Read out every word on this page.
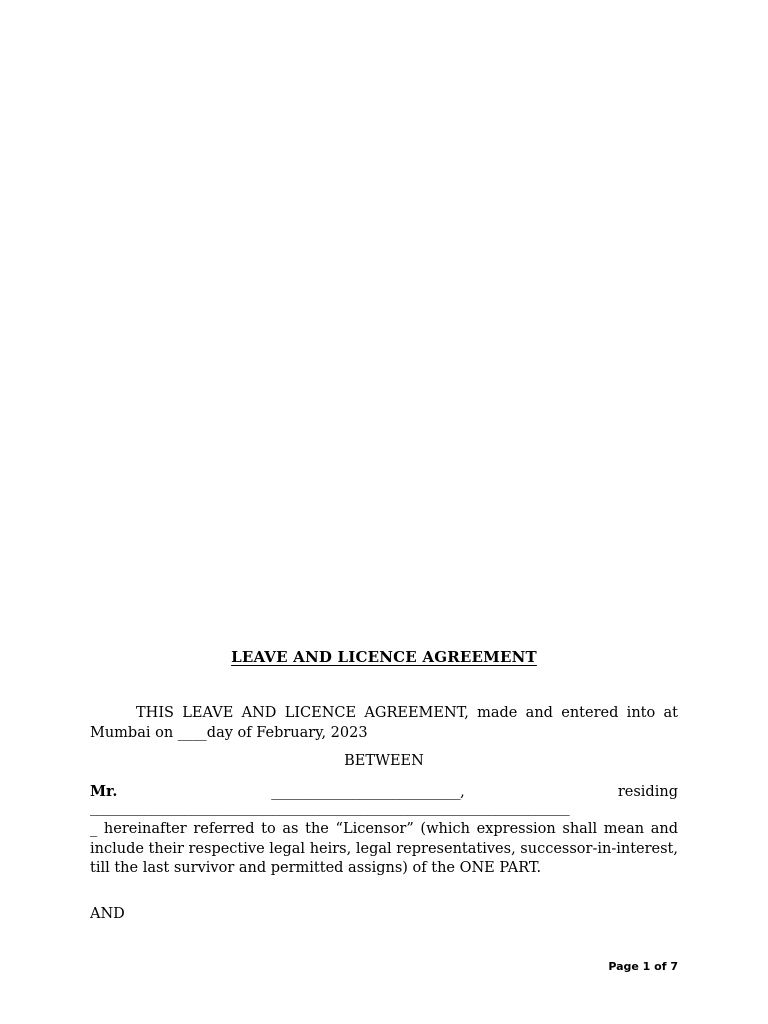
LEAVE AND LICENCE AGREEMENT
THIS LEAVE AND LICENCE AGREEMENT, made and entered into at Mumbai on ____day of February, 2023
BETWEEN
Mr.	____________________________,	residing
_______________________________________________________________________
_ hereinafter referred to as the “Licensor” (which expression shall mean and include their respective legal heirs, legal representatives, successor-in-interest, till the last survivor and permitted assigns) of the ONE PART.
AND
Page 1 of 7
